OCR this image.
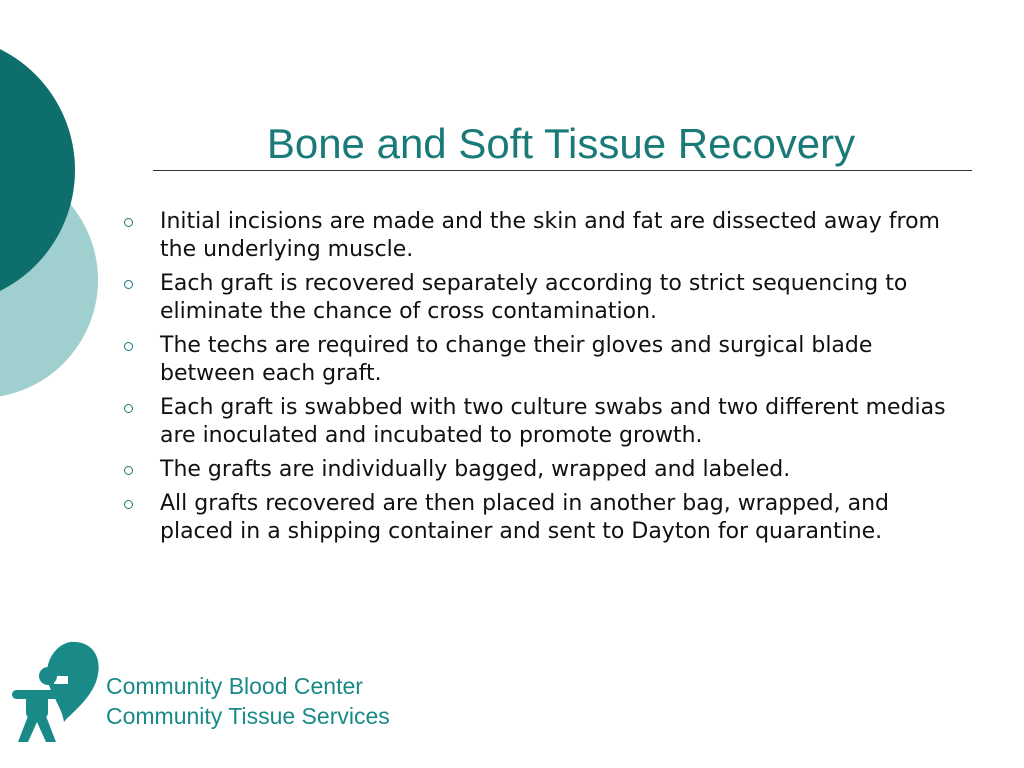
Bone and Soft Tissue Recovery
Initial incisions are made and the skin and fat are dissected away from the underlying muscle.
Each graft is recovered separately according to strict sequencing to eliminate the chance of cross contamination.
The techs are required to change their gloves and surgical blade between each graft.
Each graft is swabbed with two culture swabs and two different medias are inoculated and incubated to promote growth.
The grafts are individually bagged, wrapped and labeled.
All grafts recovered are then placed in another bag, wrapped, and placed in a shipping container and sent to Dayton for quarantine.
Community Blood Center
Community Tissue Services
